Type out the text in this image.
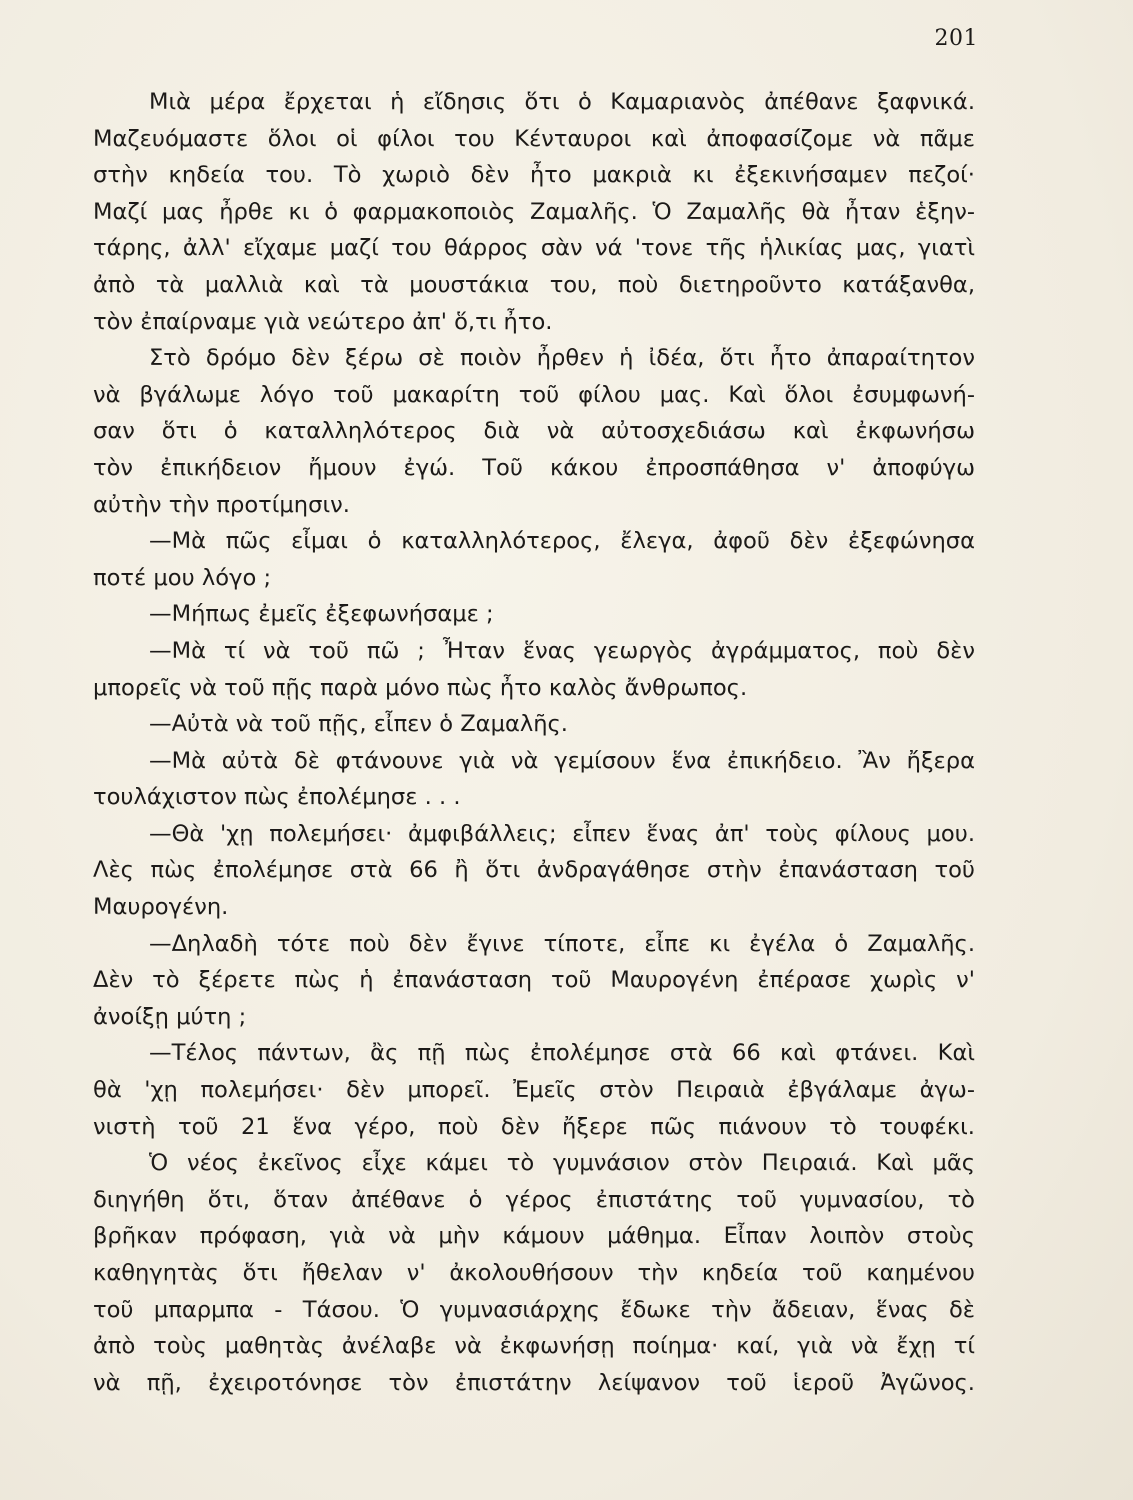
201
Μιὰ μέρα ἔρχεται ἡ εἴδησις ὅτι ὁ Καμαριανὸς ἀπέθανε ξαφνικά.
Μαζευόμαστε ὅλοι οἱ φίλοι του Κένταυροι καὶ ἀποφασίζομε νὰ πᾶμε
στὴν κηδεία του. Τὸ χωριὸ δὲν ἦτο μακριὰ κι ἐξεκινήσαμεν πεζοί·
Μαζί μας ἦρθε κι ὁ φαρμακοποιὸς Ζαμαλῆς. Ὁ Ζαμαλῆς θὰ ἦταν ἑξην-
τάρης, ἀλλ' εἴχαμε μαζί του θάρρος σὰν νά 'τονε τῆς ἡλικίας μας, γιατὶ
ἀπὸ τὰ μαλλιὰ καὶ τὰ μουστάκια του, ποὺ διετηροῦντο κατάξανθα,
τὸν ἐπαίρναμε γιὰ νεώτερο ἀπ' ὅ,τι ἦτο.
Στὸ δρόμο δὲν ξέρω σὲ ποιὸν ἦρθεν ἡ ἰδέα, ὅτι ἦτο ἀπαραίτητον
νὰ βγάλωμε λόγο τοῦ μακαρίτη τοῦ φίλου μας. Καὶ ὅλοι ἐσυμφωνή-
σαν ὅτι ὁ καταλληλότερος διὰ νὰ αὐτοσχεδιάσω καὶ ἐκφωνήσω
τὸν ἐπικήδειον ἤμουν ἐγώ. Τοῦ κάκου ἐπροσπάθησα ν' ἀποφύγω
αὐτὴν τὴν προτίμησιν.
—Μὰ πῶς εἶμαι ὁ καταλληλότερος, ἔλεγα, ἀφοῦ δὲν ἐξεφώνησα
ποτέ μου λόγο ;
—Μήπως ἐμεῖς ἐξεφωνήσαμε ;
—Μὰ τί νὰ τοῦ πῶ ; Ἦταν ἕνας γεωργὸς ἀγράμματος, ποὺ δὲν
μπορεῖς νὰ τοῦ πῇς παρὰ μόνο πὼς ἦτο καλὸς ἄνθρωπος.
—Αὐτὰ νὰ τοῦ πῇς, εἶπεν ὁ Ζαμαλῆς.
—Μὰ αὐτὰ δὲ φτάνουνε γιὰ νὰ γεμίσουν ἕνα ἐπικήδειο. Ἂν ἤξερα
τουλάχιστον πὼς ἐπολέμησε . . .
—Θὰ 'χῃ πολεμήσει· ἀμφιβάλλεις; εἶπεν ἕνας ἀπ' τοὺς φίλους μου.
Λὲς πὼς ἐπολέμησε στὰ 66 ἢ ὅτι ἀνδραγάθησε στὴν ἐπανάσταση τοῦ
Μαυρογένη.
—Δηλαδὴ τότε ποὺ δὲν ἔγινε τίποτε, εἶπε κι ἐγέλα ὁ Ζαμαλῆς.
Δὲν τὸ ξέρετε πὼς ἡ ἐπανάσταση τοῦ Μαυρογένη ἐπέρασε χωρὶς ν'
ἀνοίξῃ μύτη ;
—Τέλος πάντων, ἂς πῇ πὼς ἐπολέμησε στὰ 66 καὶ φτάνει. Καὶ
θὰ 'χῃ πολεμήσει· δὲν μπορεῖ. Ἐμεῖς στὸν Πειραιὰ ἐβγάλαμε ἀγω-
νιστὴ τοῦ 21 ἕνα γέρο, ποὺ δὲν ἤξερε πῶς πιάνουν τὸ τουφέκι.
Ὁ νέος ἐκεῖνος εἶχε κάμει τὸ γυμνάσιον στὸν Πειραιά. Καὶ μᾶς
διηγήθη ὅτι, ὅταν ἀπέθανε ὁ γέρος ἐπιστάτης τοῦ γυμνασίου, τὸ
βρῆκαν πρόφαση, γιὰ νὰ μὴν κάμουν μάθημα. Εἶπαν λοιπὸν στοὺς
καθηγητὰς ὅτι ἤθελαν ν' ἀκολουθήσουν τὴν κηδεία τοῦ καημένου
τοῦ μπαρμπα - Τάσου. Ὁ γυμνασιάρχης ἔδωκε τὴν ἄδειαν, ἕνας δὲ
ἀπὸ τοὺς μαθητὰς ἀνέλαβε νὰ ἐκφωνήσῃ ποίημα· καί, γιὰ νὰ ἔχῃ τί
νὰ πῇ, ἐχειροτόνησε τὸν ἐπιστάτην λείψανον τοῦ ἱεροῦ Ἀγῶνος.
